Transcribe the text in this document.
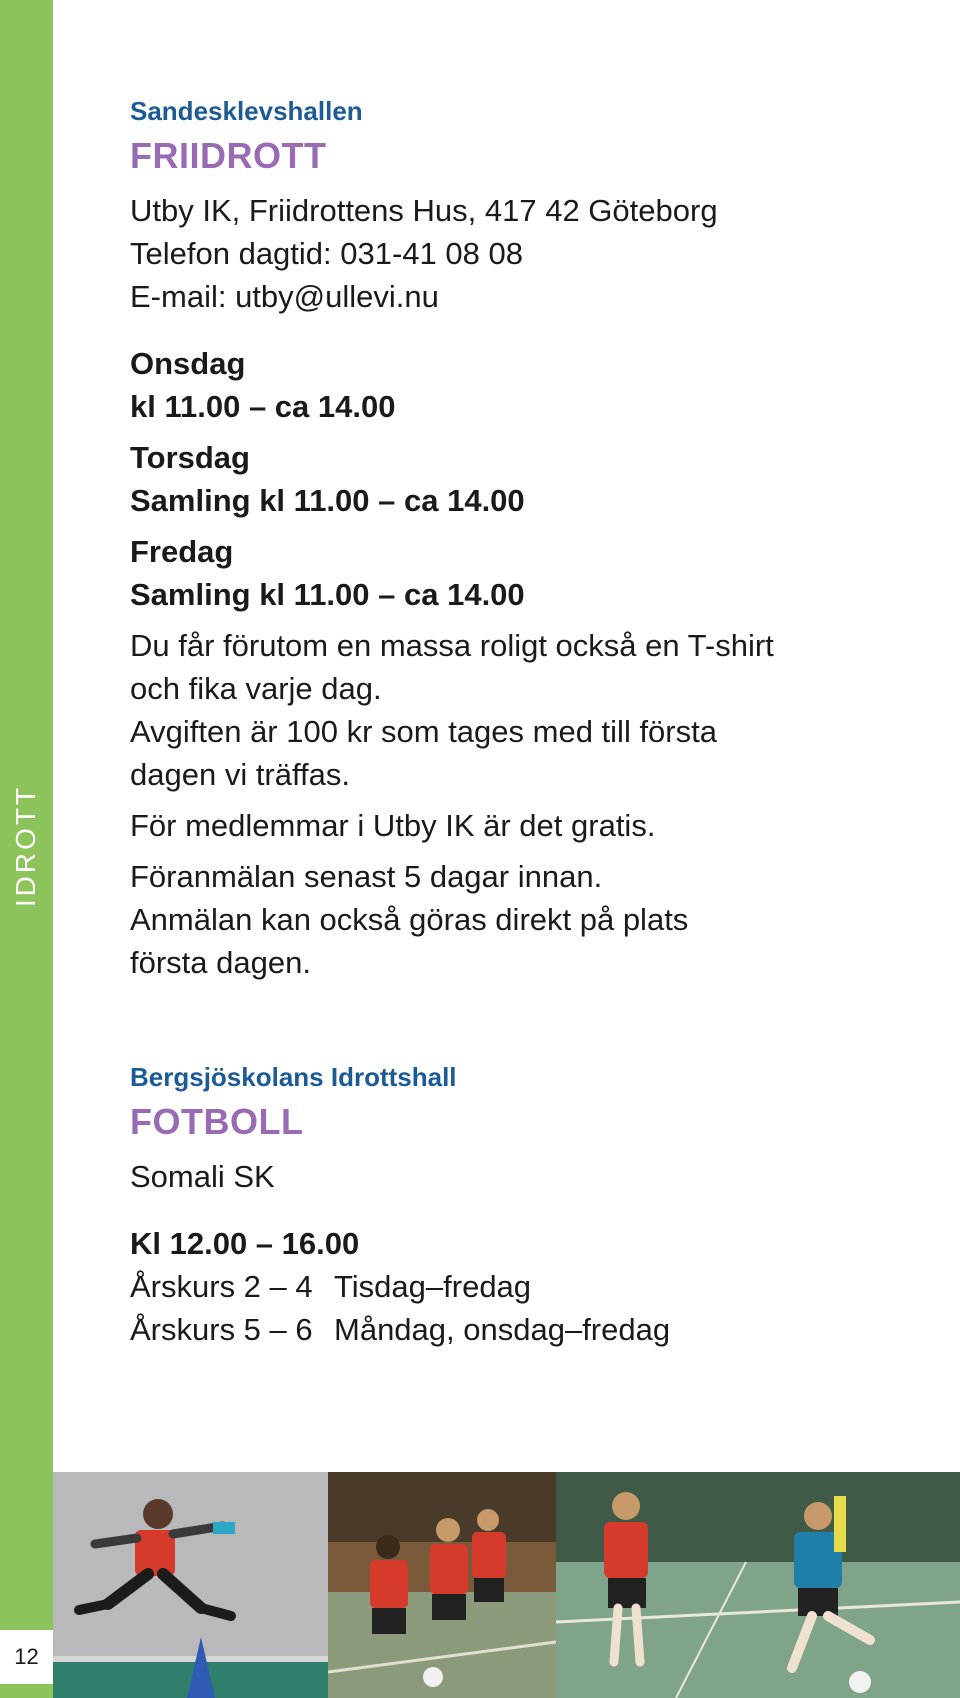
IDROTT
12

Sandesklevshallen

FRIIDROTT

Utby IK, Friidrottens Hus, 417 42 Göteborg

Telefon dagtid: 031-41 08 08

E-mail: utby@ullevi.nu

Onsdag

kl 11.00 – ca 14.00

Torsdag

Samling kl 11.00 – ca 14.00

Fredag

Samling kl 11.00 – ca 14.00

Du får förutom en massa roligt också en T-shirt

och fika varje dag.

Avgiften är 100 kr som tages med till första

dagen vi träffas.

För medlemmar i Utby IK är det gratis.

Föranmälan senast 5 dagar innan.

Anmälan kan också göras direkt på plats

första dagen.

Bergsjöskolans Idrottshall

FOTBOLL

Somali SK

Kl 12.00 – 16.00

Årskurs 2 – 4 Tisdag–fredag
Årskurs 5 – 6 Måndag, onsdag–fredag
